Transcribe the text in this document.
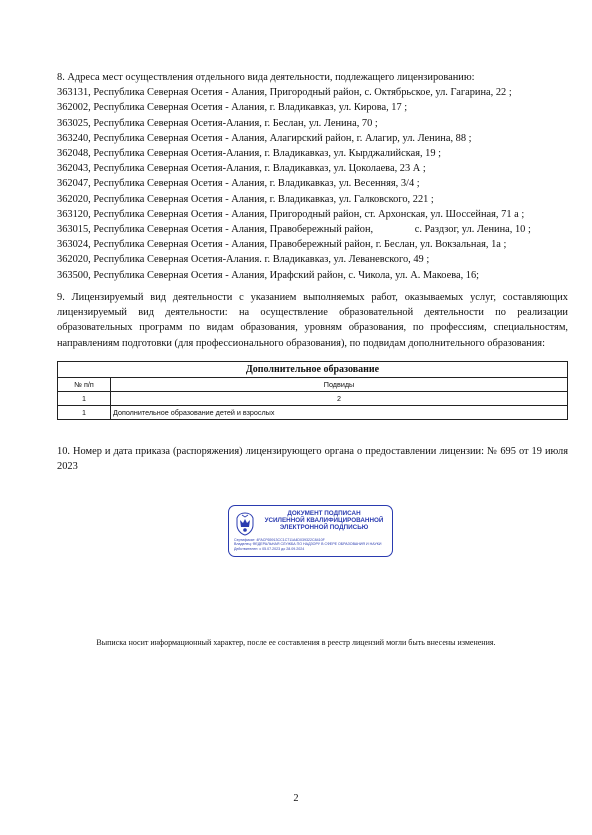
8. Адреса мест осуществления отдельного вида деятельности, подлежащего лицензированию:
363131, Республика Северная Осетия - Алания, Пригородный район, с. Октябрьское, ул. Гагарина, 22 ;
362002, Республика Северная Осетия - Алания, г. Владикавказ, ул. Кирова, 17 ;
363025, Республика Северная Осетия-Алания, г. Беслан, ул. Ленина, 70 ;
363240, Республика Северная Осетия - Алания, Алагирский район, г. Алагир, ул. Ленина, 88 ;
362048, Республика Северная Осетия-Алания, г. Владикавказ, ул. Кырджалийская, 19 ;
362043, Республика Северная Осетия-Алания, г. Владикавказ, ул. Цоколаева, 23 А ;
362047, Республика Северная Осетия - Алания, г. Владикавказ, ул. Весенняя, 3/4 ;
362020, Республика Северная Осетия - Алания, г. Владикавказ, ул. Галковского, 221 ;
363120, Республика Северная Осетия - Алания, Пригородный район, ст. Архонская, ул. Шоссейная, 71 а ;
363015, Республика Северная Осетия - Алания, Правобережный район,                с. Раздзог, ул. Ленина, 10 ;
363024, Республика Северная Осетия - Алания, Правобережный район, г. Беслан, ул. Вокзальная, 1а ;
362020, Республика Северная Осетия-Алания. г. Владикавказ, ул. Леваневского, 49 ;
363500, Республика Северная Осетия - Алания, Ирафский район, с. Чикола, ул. А. Макоева, 16;
9. Лицензируемый вид деятельности с указанием выполняемых работ, оказываемых услуг, составляющих лицензируемый вид деятельности: на осуществление образовательной деятельности по реализации образовательных программ по видам образования, уровням образования, по профессиям, специальностям, направлениям подготовки (для профессионального образования), по подвидам дополнительного образования:
Дополнительное образование	
№ п/п	Подвиды
1	2
1	Дополнительное образование детей и взрослых
10. Номер и дата приказа (распоряжения) лицензирующего органа о предоставлении лицензии: № 695 от 19 июля 2023
ДОКУМЕНТ ПОДПИСАН
УСИЛЕННОЙ КВАЛИФИЦИРОВАННОЙ
ЭЛЕКТРОННОЙ ПОДПИСЬЮ
Сертификат: 4FACF65913CC1C711A4D039322C8410F
Владелец: ФЕДЕРАЛЬНАЯ СЛУЖБА ПО НАДЗОРУ В СФЕРЕ ОБРАЗОВАНИЯ И НАУКИ
Действителен: с 05.07.2023 до 28.09.2024
Выписка носит информационный характер, после ее составления в реестр лицензий могли быть внесены изменения.
2
